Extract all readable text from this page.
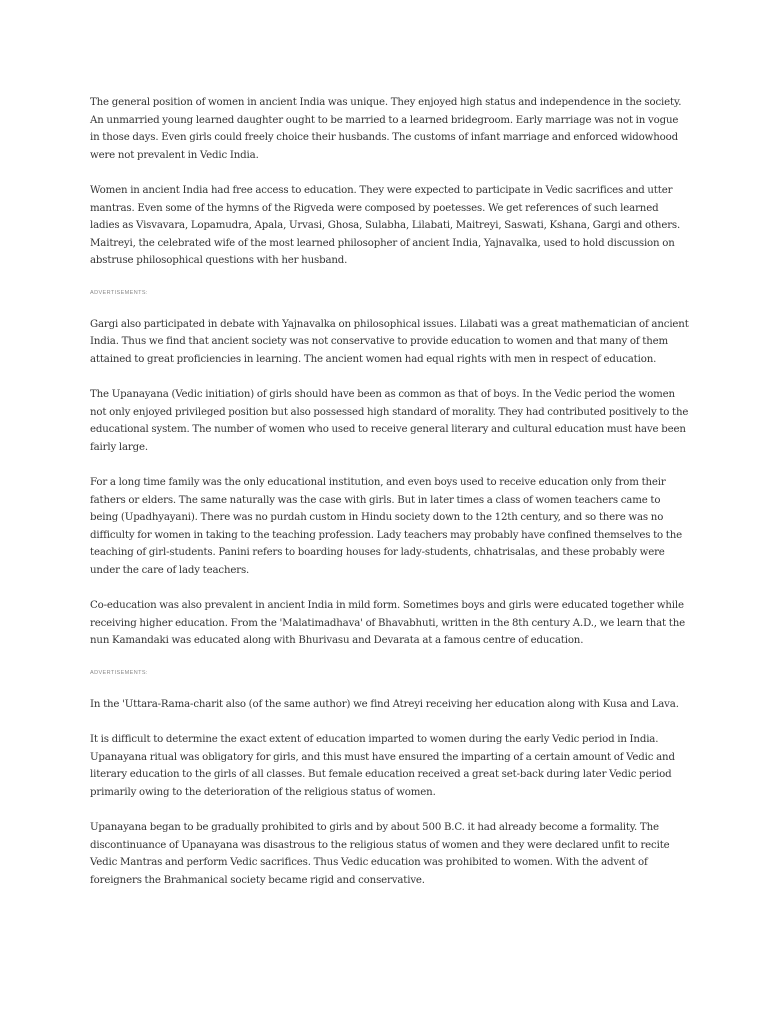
The general position of women in ancient India was unique. They enjoyed high status and independence in the society. An unmarried young learned daughter ought to be married to a learned bridegroom. Early marriage was not in vogue in those days. Even girls could freely choice their husbands. The customs of infant marriage and enforced widowhood were not prevalent in Vedic India.

Women in ancient India had free access to education. They were expected to participate in Vedic sacrifices and utter mantras. Even some of the hymns of the Rigveda were composed by poetesses. We get references of such learned ladies as Visvavara, Lopamudra, Apala, Urvasi, Ghosa, Sulabha, Lilabati, Maitreyi, Saswati, Kshana, Gargi and others. Maitreyi, the celebrated wife of the most learned philosopher of ancient India, Yajnavalka, used to hold discussion on abstruse philosophical questions with her husband.

ADVERTISEMENTS:

Gargi also participated in debate with Yajnavalka on philosophical issues. Lilabati was a great mathematician of ancient India. Thus we find that ancient society was not conservative to provide education to women and that many of them attained to great proficiencies in learning. The ancient women had equal rights with men in respect of education.

The Upanayana (Vedic initiation) of girls should have been as common as that of boys. In the Vedic period the women not only enjoyed privileged position but also possessed high standard of morality. They had contributed positively to the educational system. The number of women who used to receive general literary and cultural education must have been fairly large.

For a long time family was the only educational institution, and even boys used to receive education only from their fathers or elders. The same naturally was the case with girls. But in later times a class of women teachers came to being (Upadhyayani). There was no purdah custom in Hindu society down to the 12th century, and so there was no difficulty for women in taking to the teaching profession. Lady teachers may probably have confined themselves to the teaching of girl-students. Panini refers to boarding houses for lady-students, chhatrisalas, and these probably were under the care of lady teachers.

Co-education was also prevalent in ancient India in mild form. Sometimes boys and girls were educated together while receiving higher education. From the 'Malatimadhava' of Bhavabhuti, written in the 8th century A.D., we learn that the nun Kamandaki was educated along with Bhurivasu and Devarata at a famous centre of education.

ADVERTISEMENTS:

In the 'Uttara-Rama-charit also (of the same author) we find Atreyi receiving her education along with Kusa and Lava.

It is difficult to determine the exact extent of education imparted to women during the early Vedic period in India. Upanayana ritual was obligatory for girls, and this must have ensured the imparting of a certain amount of Vedic and literary education to the girls of all classes. But female education received a great set-back during later Vedic period primarily owing to the deterioration of the religious status of women.

Upanayana began to be gradually prohibited to girls and by about 500 B.C. it had already become a formality. The discontinuance of Upanayana was disastrous to the religious status of women and they were declared unfit to recite Vedic Mantras and perform Vedic sacrifices. Thus Vedic education was prohibited to women. With the advent of foreigners the Brahmanical society became rigid and conservative.
